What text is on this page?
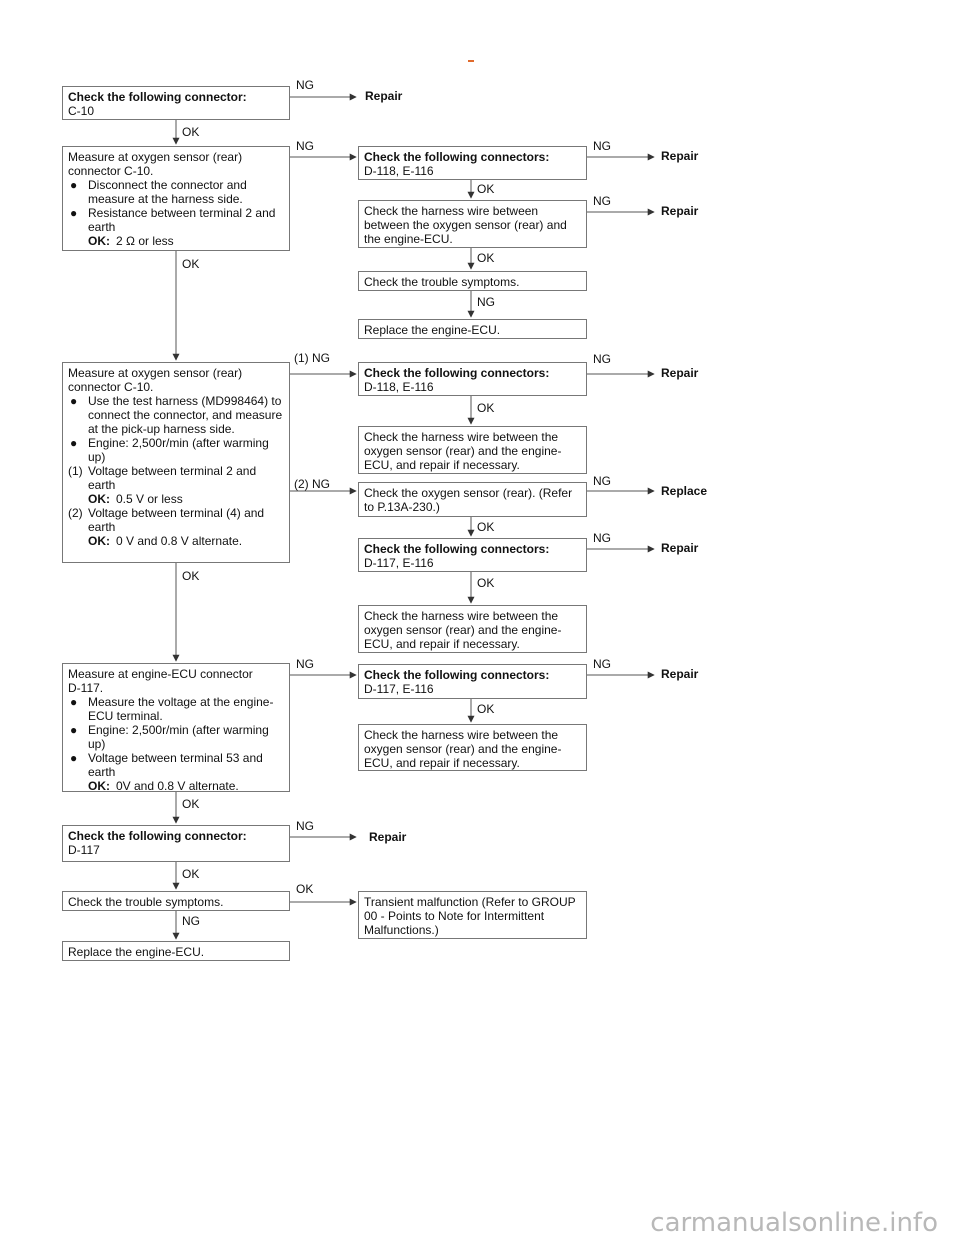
Check the following connector:
C-10
Measure at oxygen sensor (rear)
connector C-10.
● Disconnect the connector and measure at the harness side.
● Resistance between terminal 2 and earth
OK: 2 Ω or less
Check the following connectors:
D-118, E-116
Check the harness wire between between the oxygen sensor (rear) and the engine-ECU.
Check the trouble symptoms.
Replace the engine-ECU.
Measure at oxygen sensor (rear)
connector C-10.
● Use the test harness (MD998464) to connect the connector, and measure at the pick-up harness side.
● Engine: 2,500r/min (after warming up)
(1) Voltage between terminal 2 and earth
OK: 0.5 V or less
(2) Voltage between terminal (4) and earth
OK: 0 V and 0.8 V alternate.
Check the following connectors:
D-118, E-116
Check the harness wire between the oxygen sensor (rear) and the engine-ECU, and repair if necessary.
Check the oxygen sensor (rear). (Refer to P.13A-230.)
Check the following connectors:
D-117, E-116
Check the harness wire between the oxygen sensor (rear) and the engine-ECU, and repair if necessary.
Measure at engine-ECU connector
D-117.
● Measure the voltage at the engine-ECU terminal.
● Engine: 2,500r/min (after warming up)
● Voltage between terminal 53 and earth
OK: 0V and 0.8 V alternate.
Check the following connectors:
D-117, E-116
Check the harness wire between the oxygen sensor (rear) and the engine-ECU, and repair if necessary.
Check the following connector:
D-117
Check the trouble symptoms.
Replace the engine-ECU.
Transient malfunction (Refer to GROUP 00 - Points to Note for Intermittent Malfunctions.)
NG
OK
NG	NG
OK
NG
OK
OK
NG
(1) NG	NG
OK
(2) NG	NG
OK
NG
OK	OK
NG	NG
OK
OK
NG
OK
OK
NG
Repair
Repair
Repair
Repair
Replace
Repair
Repair
Repair
carmanualsonline.info
